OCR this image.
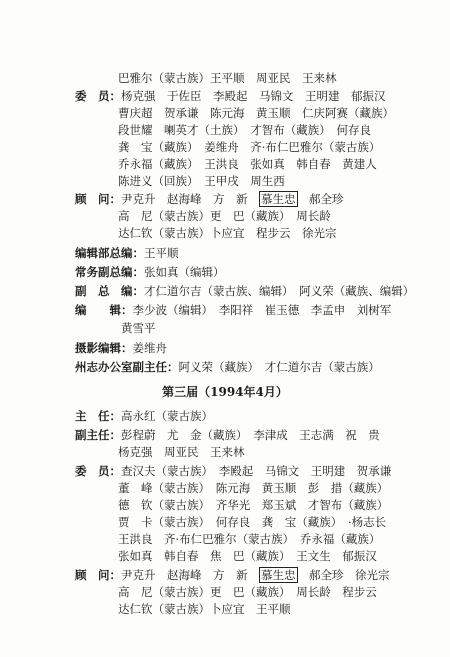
巴雅尔（蒙古族）王平顺　周亚民　王来林
委　员：杨克强　于佐臣　李殿起　马锦文　王明建　郁振汉
曹庆超　贺承谦　陈元海　黄玉顺　仁庆阿赛（藏族）
段世耀　喇英才（土族）　才智布（藏族）　何存良
龚　宝（藏族）　姜维舟　齐·布仁巴雅尔（蒙古族）
乔永福（藏族）　王洪良　张如真　韩自春　黄建人
陈进义（回族）　王甲戌　周生西
顾　问：尹克升　赵海峰　方　新　慕生忠　郝全珍
高　尼（蒙古族）更　巴（藏族）　周长龄
达仁钦（蒙古族）卜应宜　程步云　徐光宗
编辑部总编：王平顺
常务副总编：张如真（编辑）
副　总　编：才仁道尔吉（蒙古族、编辑）　阿义荣（藏族、编辑）
编　　辑：李少波（编辑）　李阳祥　崔玉德　李孟申　刘树军
黄雪平
摄影编辑：姜维舟
州志办公室副主任：阿义荣（藏族）　才仁道尔吉（蒙古族）
第三届（1994年4月）
主　任：高永红（蒙古族）
副主任：彭程蔚　尤　金（藏族）　李津成　王志满　祝　贵
杨克强　周亚民　王来林
委　员：查汉夫（蒙古族）　李殿起　马锦文　王明建　贺承谦
董　峰（蒙古族）　陈元海　黄玉顺　彭　措（藏族）
德　钦（蒙古族）　齐华光　郑玉斌　才智布（藏族）
贾　卡（蒙古族）　何存良　龚　宝（藏族）　·杨志长
王洪良　齐·布仁巴雅尔（蒙古族）　乔永福（藏族）
张如真　韩自春　焦　巴（藏族）　王文生　郁振汉
顾　问：尹克升　赵海峰　方　新　慕生忠　郝全珍　徐光宗
高　尼（蒙古族）更　巴（藏族）　周长龄　程步云
达仁钦（蒙古族）卜应宜　王平顺
